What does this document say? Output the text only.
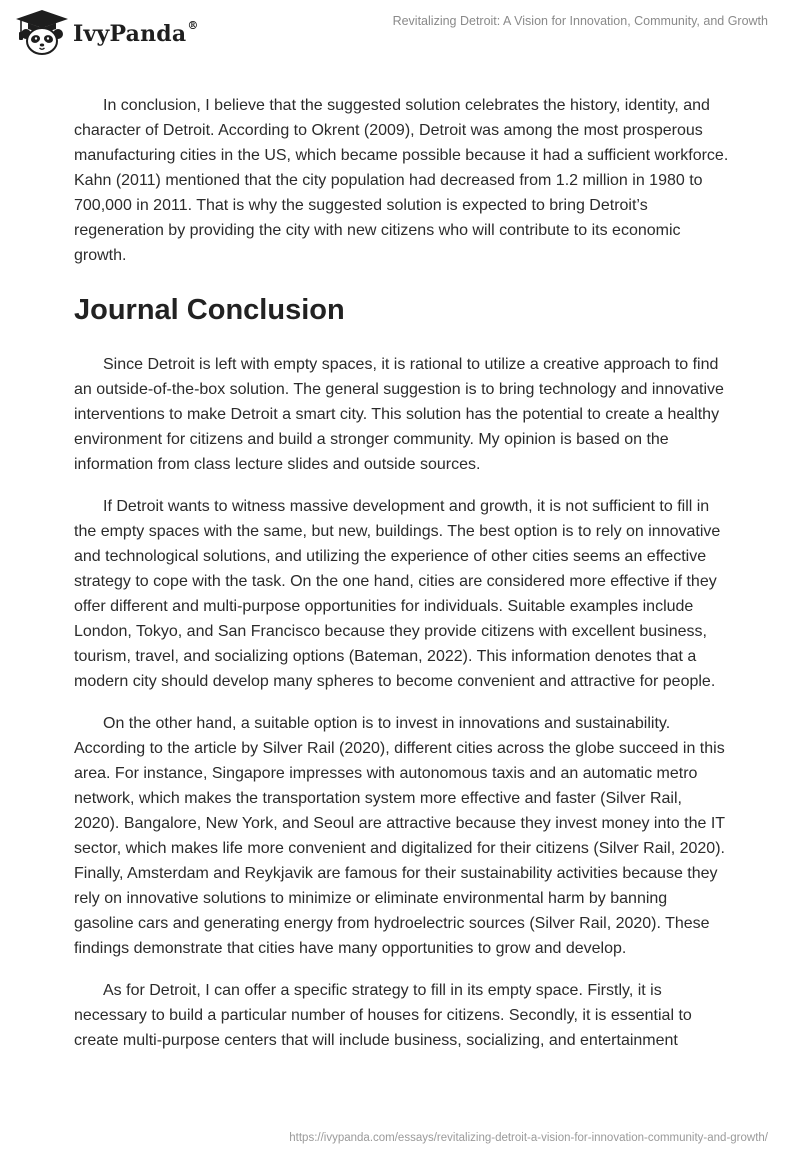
IvyPanda®	Revitalizing Detroit: A Vision for Innovation, Community, and Growth

In conclusion, I believe that the suggested solution celebrates the history, identity, and character of Detroit. According to Okrent (2009), Detroit was among the most prosperous manufacturing cities in the US, which became possible because it had a sufficient workforce. Kahn (2011) mentioned that the city population had decreased from 1.2 million in 1980 to 700,000 in 2011. That is why the suggested solution is expected to bring Detroit’s regeneration by providing the city with new citizens who will contribute to its economic growth.

Journal Conclusion

Since Detroit is left with empty spaces, it is rational to utilize a creative approach to find an outside-of-the-box solution. The general suggestion is to bring technology and innovative interventions to make Detroit a smart city. This solution has the potential to create a healthy environment for citizens and build a stronger community. My opinion is based on the information from class lecture slides and outside sources.

If Detroit wants to witness massive development and growth, it is not sufficient to fill in the empty spaces with the same, but new, buildings. The best option is to rely on innovative and technological solutions, and utilizing the experience of other cities seems an effective strategy to cope with the task. On the one hand, cities are considered more effective if they offer different and multi-purpose opportunities for individuals. Suitable examples include London, Tokyo, and San Francisco because they provide citizens with excellent business, tourism, travel, and socializing options (Bateman, 2022). This information denotes that a modern city should develop many spheres to become convenient and attractive for people.

On the other hand, a suitable option is to invest in innovations and sustainability. According to the article by Silver Rail (2020), different cities across the globe succeed in this area. For instance, Singapore impresses with autonomous taxis and an automatic metro network, which makes the transportation system more effective and faster (Silver Rail, 2020). Bangalore, New York, and Seoul are attractive because they invest money into the IT sector, which makes life more convenient and digitalized for their citizens (Silver Rail, 2020). Finally, Amsterdam and Reykjavik are famous for their sustainability activities because they rely on innovative solutions to minimize or eliminate environmental harm by banning gasoline cars and generating energy from hydroelectric sources (Silver Rail, 2020). These findings demonstrate that cities have many opportunities to grow and develop.

As for Detroit, I can offer a specific strategy to fill in its empty space. Firstly, it is necessary to build a particular number of houses for citizens. Secondly, it is essential to create multi-purpose centers that will include business, socializing, and entertainment

https://ivypanda.com/essays/revitalizing-detroit-a-vision-for-innovation-community-and-growth/
